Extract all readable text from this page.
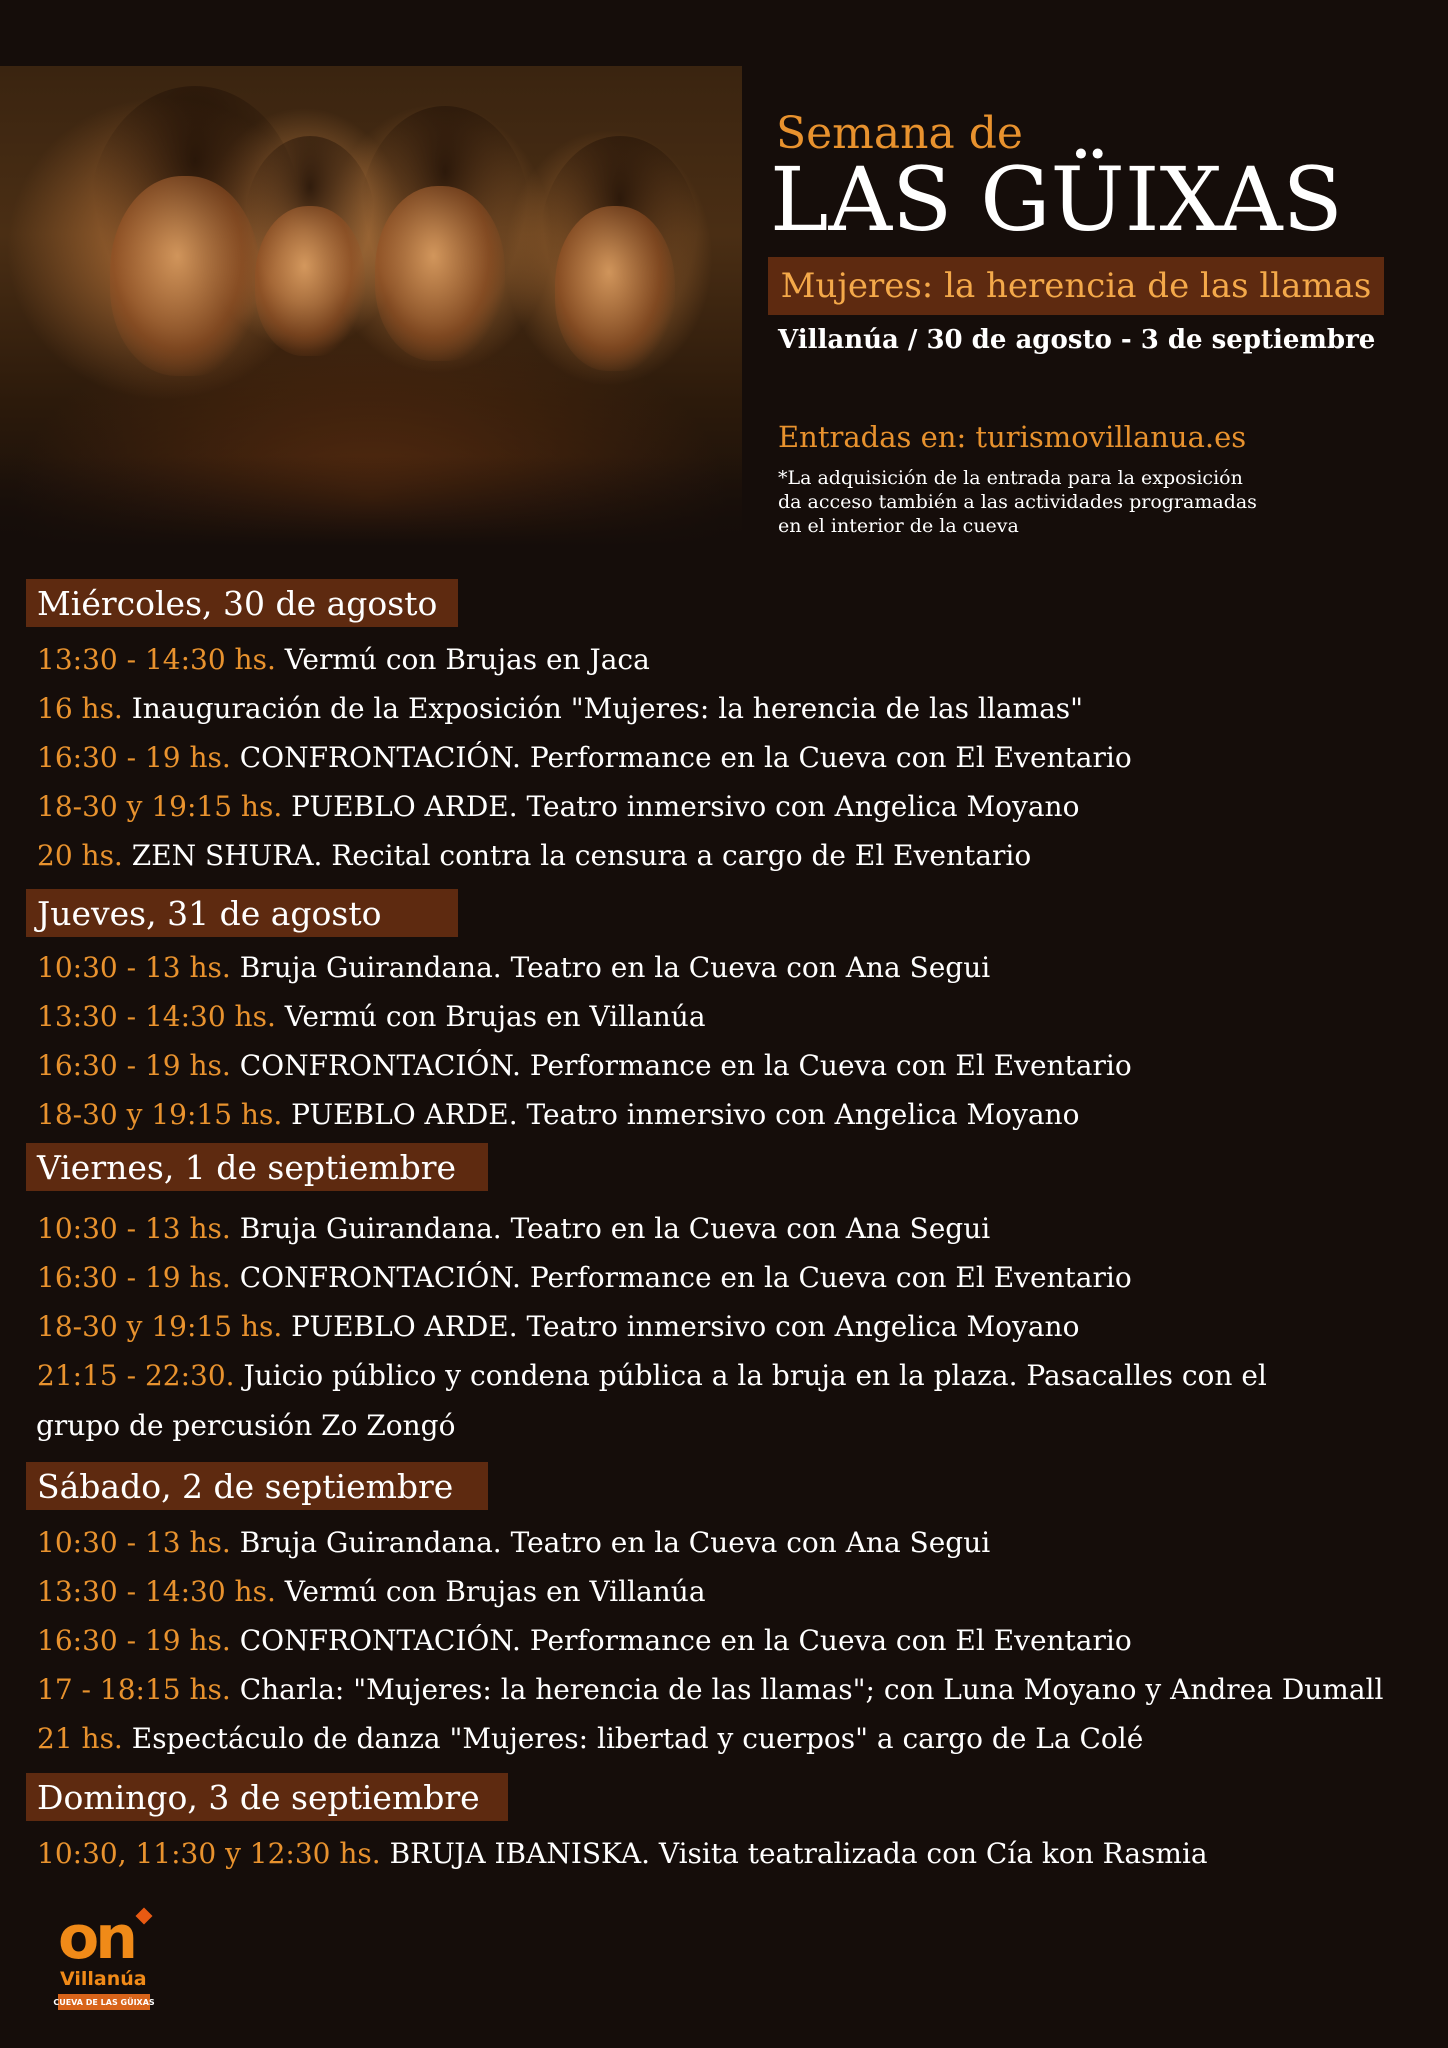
Semana de
LAS GÜIXAS
Mujeres: la herencia de las llamas
Villanúa / 30 de agosto - 3 de septiembre
Entradas en: turismovillanua.es
*La adquisición de la entrada para la exposición
da acceso también a las actividades programadas
en el interior de la cueva
Miércoles, 30 de agosto
13:30 - 14:30 hs. Vermú con Brujas en Jaca
16 hs. Inauguración de la Exposición "Mujeres: la herencia de las llamas"
16:30 - 19 hs. CONFRONTACIÓN. Performance en la Cueva con El Eventario
18-30 y 19:15 hs. PUEBLO ARDE. Teatro inmersivo con Angelica Moyano
20 hs. ZEN SHURA. Recital contra la censura a cargo de El Eventario
Jueves, 31 de agosto
10:30 - 13 hs. Bruja Guirandana. Teatro en la Cueva con Ana Segui
13:30 - 14:30 hs. Vermú con Brujas en Villanúa
16:30 - 19 hs. CONFRONTACIÓN. Performance en la Cueva con El Eventario
18-30 y 19:15 hs. PUEBLO ARDE. Teatro inmersivo con Angelica Moyano
Viernes, 1 de septiembre
10:30 - 13 hs. Bruja Guirandana. Teatro en la Cueva con Ana Segui
16:30 - 19 hs. CONFRONTACIÓN. Performance en la Cueva con El Eventario
18-30 y 19:15 hs. PUEBLO ARDE. Teatro inmersivo con Angelica Moyano
21:15 - 22:30. Juicio público y condena pública a la bruja en la plaza. Pasacalles con el
grupo de percusión Zo Zongó
Sábado, 2 de septiembre
10:30 - 13 hs. Bruja Guirandana. Teatro en la Cueva con Ana Segui
13:30 - 14:30 hs. Vermú con Brujas en Villanúa
16:30 - 19 hs. CONFRONTACIÓN. Performance en la Cueva con El Eventario
17 - 18:15 hs. Charla: "Mujeres: la herencia de las llamas"; con Luna Moyano y Andrea Dumall
21 hs. Espectáculo de danza "Mujeres: libertad y cuerpos" a cargo de La Colé
Domingo, 3 de septiembre
10:30, 11:30 y 12:30 hs. BRUJA IBANISKA. Visita teatralizada con Cía kon Rasmia
on
Villanúa
CUEVA DE LAS GÜIXAS
